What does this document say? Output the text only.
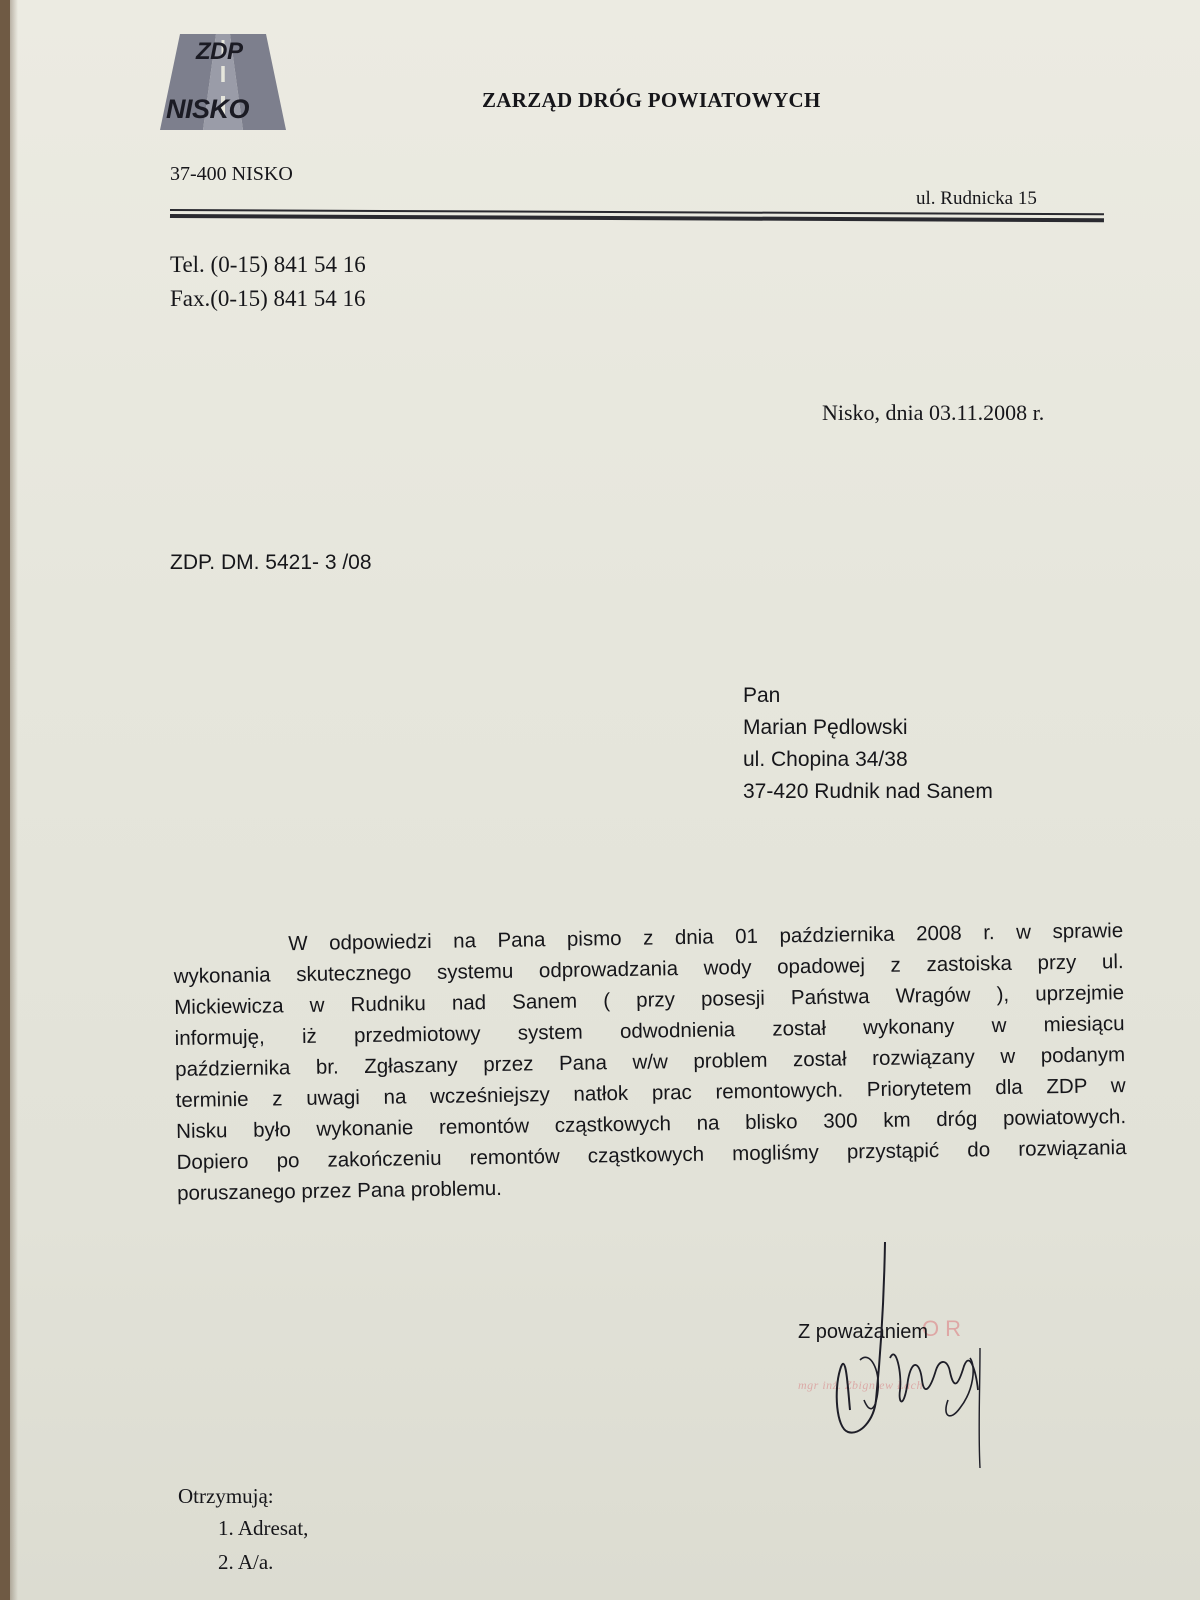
ZDP
NISKO	ZARZĄD DRÓG POWIATOWYCH
37-400 NISKO
ul. Rudnicka 15
Tel. (0-15) 841 54 16
Fax.(0-15) 841 54 16
Nisko, dnia 03.11.2008 r.
ZDP. DM. 5421- 3 /08
Pan
Marian Pędlowski
ul. Chopina 34/38
37-420 Rudnik nad Sanem
W odpowiedzi na Pana pismo z dnia 01 października 2008 r. w sprawie
wykonania skutecznego systemu odprowadzania wody opadowej z zastoiska przy ul.
Mickiewicza w Rudniku nad Sanem ( przy posesji Państwa Wragów ), uprzejmie
informuję, iż przedmiotowy system odwodnienia został wykonany w miesiącu
października br. Zgłaszany przez Pana w/w problem został rozwiązany w podanym
terminie z uwagi na wcześniejszy natłok prac remontowych. Priorytetem dla ZDP w
Nisku było wykonanie remontów cząstkowych na blisko 300 km dróg powiatowych.
Dopiero po zakończeniu remontów cząstkowych mogliśmy przystąpić do rozwiązania
poruszanego przez Pana problemu.
OR
Z poważaniem
mgr inż. Zbigniew Łach
Otrzymują:
1. Adresat,
2. A/a.
